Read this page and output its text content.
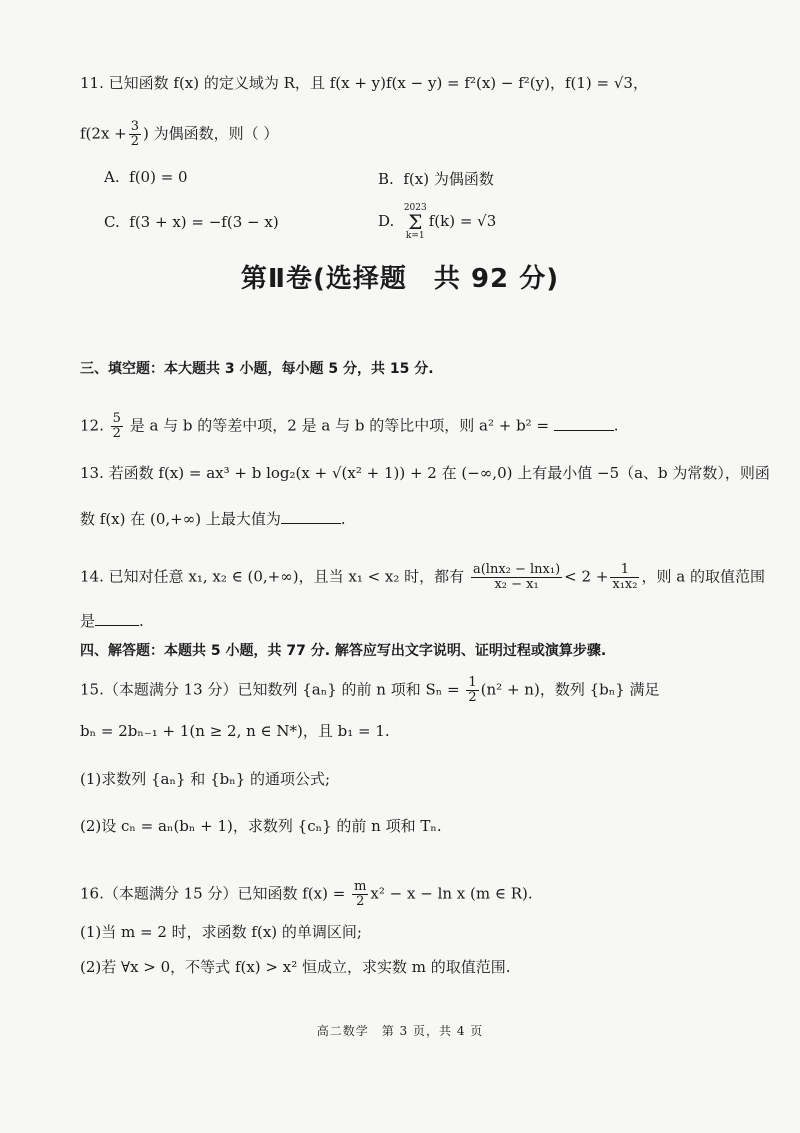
11. 已知函数 f(x) 的定义域为 R，且 f(x + y)f(x − y) = f²(x) − f²(y)，f(1) = √3，
$f(2x + \frac{3}{2}$ ) 为偶函数，则（ ）
A. f(0) = 0	B. f(x) 为偶函数
C. f(3 + x) = −f(3 − x)	D.  2023
Σ
k=1f(k) = √3
第Ⅱ卷(选择题　共 92 分)
三、填空题：本大题共 3 小题，每小题 5 分，共 15 分.
12. $\frac{5}{2}$ 是 a 与 b 的等差中项，2 是 a 与 b 的等比中项，则 a² + b² =	.
13. 若函数 f(x) = ax³ + b log₂(x + √(x² + 1)) + 2 在 (−∞,0) 上有最小值 −5（a、b 为常数），则函
数 f(x) 在 (0,+∞) 上最大值为	.
14. 已知对任意 x₁, x₂ ∈ (0,+∞)，且当 x₁ < x₂ 时，都有 $\frac{\text{a(lnx₂ − lnx₁)}}{\text{x₂ − x₁}} < 2 + \frac{1}{\text{x₁x₂}}$ ，则 a 的取值范围
是	.
四、解答题：本题共 5 小题，共 77 分. 解答应写出文字说明、证明过程或演算步骤.
15.（本题满分 13 分）已知数列 {aₙ} 的前 n 项和 $S_n = \frac{1}{2} (n^2 + n)$，数列 {bₙ} 满足
bₙ = 2bₙ₋₁ + 1(n ≥ 2, n ∈ N*)，且 b₁ = 1.
(1)求数列 {aₙ} 和 {bₙ} 的通项公式;
(2)设 cₙ = aₙ(bₙ + 1)，求数列 {cₙ} 的前 n 项和 Tₙ.
16.（本题满分 15 分）已知函数 $f(x) = \frac{m}{2} x^2 - x - \ln x$ (m ∈ R).
(1)当 m = 2 时，求函数 f(x) 的单调区间;
(2)若 ∀x > 0，不等式 f(x) > x² 恒成立，求实数 m 的取值范围.
高二数学　第 3 页，共 4 页
